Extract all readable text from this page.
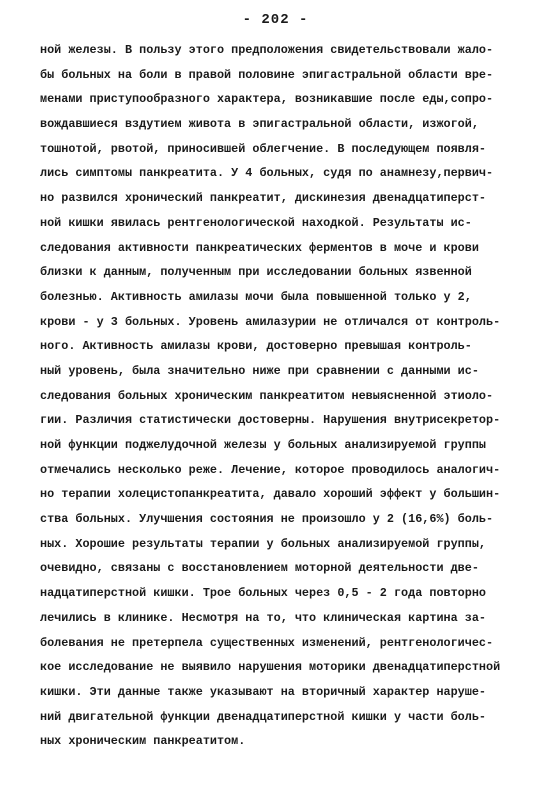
- 202 -
ной железы. В пользу этого предположения свидетельствовали жало-
бы больных на боли в правой половине эпигастральной области вре-
менами приступообразного характера, возникавшие после еды,сопро-
вождавшиеся вздутием живота в эпигастральной области, изжогой,
тошнотой, рвотой, приносившей облегчение. В последующем появля-
лись симптомы панкреатита. У 4 больных, судя по анамнезу,первич-
но развился хронический панкреатит, дискинезия двенадцатиперст-
ной кишки явилась рентгенологической находкой. Результаты ис-
следования активности панкреатических ферментов в моче и крови
близки к данным, полученным при исследовании больных язвенной
болезнью. Активность амилазы мочи была повышенной только у 2,
крови - у 3 больных. Уровень амилазурии не отличался от контроль-
ного. Активность амилазы крови, достоверно превышая контроль-
ный уровень, была значительно ниже при сравнении с данными ис-
следования больных хроническим панкреатитом невыясненной этиоло-
гии. Различия статистически достоверны. Нарушения внутрисекретор-
ной функции поджелудочной железы у больных анализируемой группы
отмечались несколько реже. Лечение, которое проводилось аналогич-
но терапии холецистопанкреатита, давало хороший эффект у большин-
ства больных. Улучшения состояния не произошло у 2 (16,6%) боль-
ных. Хорошие результаты терапии у больных анализируемой группы,
очевидно, связаны с восстановлением моторной деятельности две-
надцатиперстной кишки. Трое больных через 0,5 - 2 года повторно
лечились в клинике. Несмотря на то, что клиническая картина за-
болевания не претерпела существенных изменений, рентгенологичес-
кое исследование не выявило нарушения моторики двенадцатиперстной
кишки. Эти данные также указывают на вторичный характер наруше-
ний двигательной функции двенадцатиперстной кишки у части боль-
ных хроническим панкреатитом.
